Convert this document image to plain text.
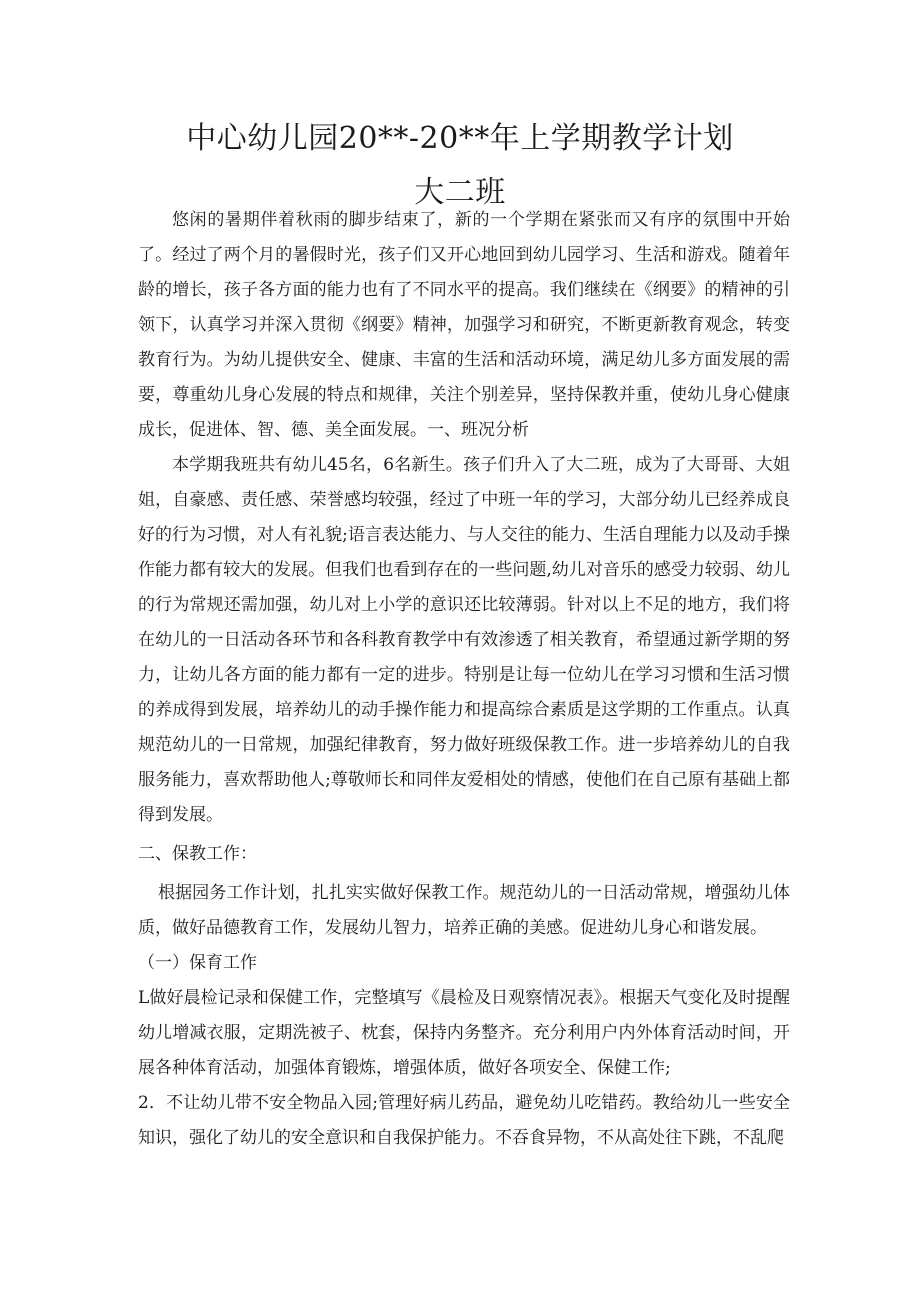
中心幼儿园20**-20**年上学期教学计划
大二班

悠闲的暑期伴着秋雨的脚步结束了，新的一个学期在紧张而又有序的氛围中开始了。经过了两个月的暑假时光，孩子们又开心地回到幼儿园学习、生活和游戏。随着年龄的增长，孩子各方面的能力也有了不同水平的提高。我们继续在《纲要》的精神的引领下，认真学习并深入贯彻《纲要》精神，加强学习和研究，不断更新教育观念，转变教育行为。为幼儿提供安全、健康、丰富的生活和活动环境，满足幼儿多方面发展的需要，尊重幼儿身心发展的特点和规律，关注个别差异，坚持保教并重，使幼儿身心健康成长，促进体、智、德、美全面发展。一、班况分析

本学期我班共有幼儿45名，6名新生。孩子们升入了大二班，成为了大哥哥、大姐姐，自豪感、责任感、荣誉感均较强，经过了中班一年的学习，大部分幼儿已经养成良好的行为习惯，对人有礼貌;语言表达能力、与人交往的能力、生活自理能力以及动手操作能力都有较大的发展。但我们也看到存在的一些问题,幼儿对音乐的感受力较弱、幼儿的行为常规还需加强，幼儿对上小学的意识还比较薄弱。针对以上不足的地方，我们将在幼儿的一日活动各环节和各科教育教学中有效渗透了相关教育，希望通过新学期的努力，让幼儿各方面的能力都有一定的进步。特别是让每一位幼儿在学习习惯和生活习惯的养成得到发展，培养幼儿的动手操作能力和提高综合素质是这学期的工作重点。认真规范幼儿的一日常规，加强纪律教育，努力做好班级保教工作。进一步培养幼儿的自我服务能力，喜欢帮助他人;尊敬师长和同伴友爱相处的情感，使他们在自己原有基础上都得到发展。

二、保教工作：

根据园务工作计划，扎扎实实做好保教工作。规范幼儿的一日活动常规，增强幼儿体质，做好品德教育工作，发展幼儿智力，培养正确的美感。促进幼儿身心和谐发展。

（一）保育工作

L做好晨检记录和保健工作，完整填写《晨检及日观察情况表》。根据天气变化及时提醒幼儿增减衣服，定期洗被子、枕套，保持内务整齐。充分利用户内外体育活动时间，开展各种体育活动，加强体育锻炼，增强体质，做好各项安全、保健工作;

2．不让幼儿带不安全物品入园;管理好病儿药品，避免幼儿吃错药。教给幼儿一些安全知识，强化了幼儿的安全意识和自我保护能力。不吞食异物，不从高处往下跳，不乱爬
